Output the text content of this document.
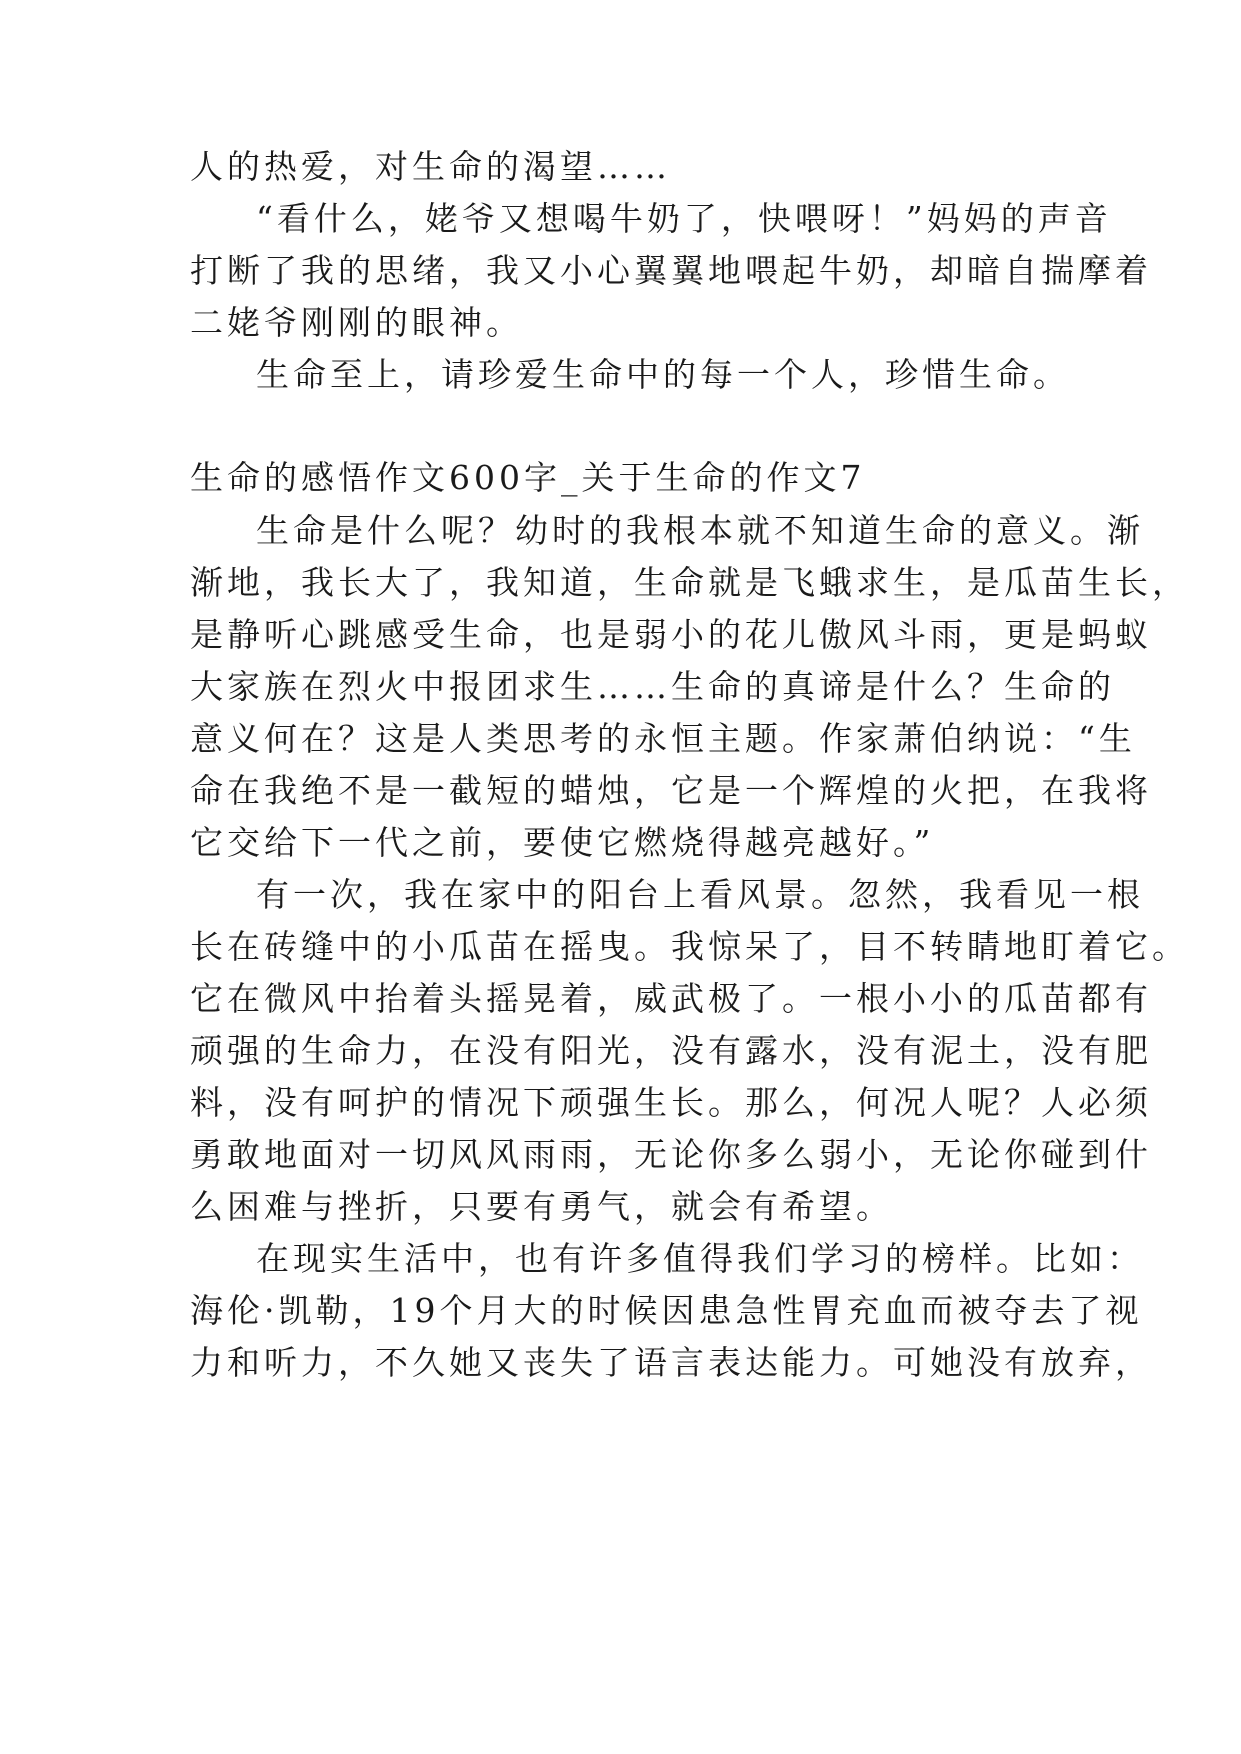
人的热爱，对生命的渴望……
“看什么，姥爷又想喝牛奶了，快喂呀！”妈妈的声音
打断了我的思绪，我又小心翼翼地喂起牛奶，却暗自揣摩着
二姥爷刚刚的眼神。
生命至上，请珍爱生命中的每一个人，珍惜生命。
生命的感悟作文600字_关于生命的作文7
生命是什么呢？幼时的我根本就不知道生命的意义。渐
渐地，我长大了，我知道，生命就是飞蛾求生，是瓜苗生长，
是静听心跳感受生命，也是弱小的花儿傲风斗雨，更是蚂蚁
大家族在烈火中报团求生……生命的真谛是什么？生命的
意义何在？这是人类思考的永恒主题。作家萧伯纳说：“生
命在我绝不是一截短的蜡烛，它是一个辉煌的火把，在我将
它交给下一代之前，要使它燃烧得越亮越好。”
有一次，我在家中的阳台上看风景。忽然，我看见一根
长在砖缝中的小瓜苗在摇曳。我惊呆了，目不转睛地盯着它。
它在微风中抬着头摇晃着，威武极了。一根小小的瓜苗都有
顽强的生命力，在没有阳光，没有露水，没有泥土，没有肥
料，没有呵护的情况下顽强生长。那么，何况人呢？人必须
勇敢地面对一切风风雨雨，无论你多么弱小，无论你碰到什
么困难与挫折，只要有勇气，就会有希望。
在现实生活中，也有许多值得我们学习的榜样。比如：
海伦·凯勒，19个月大的时候因患急性胃充血而被夺去了视
力和听力，不久她又丧失了语言表达能力。可她没有放弃，
